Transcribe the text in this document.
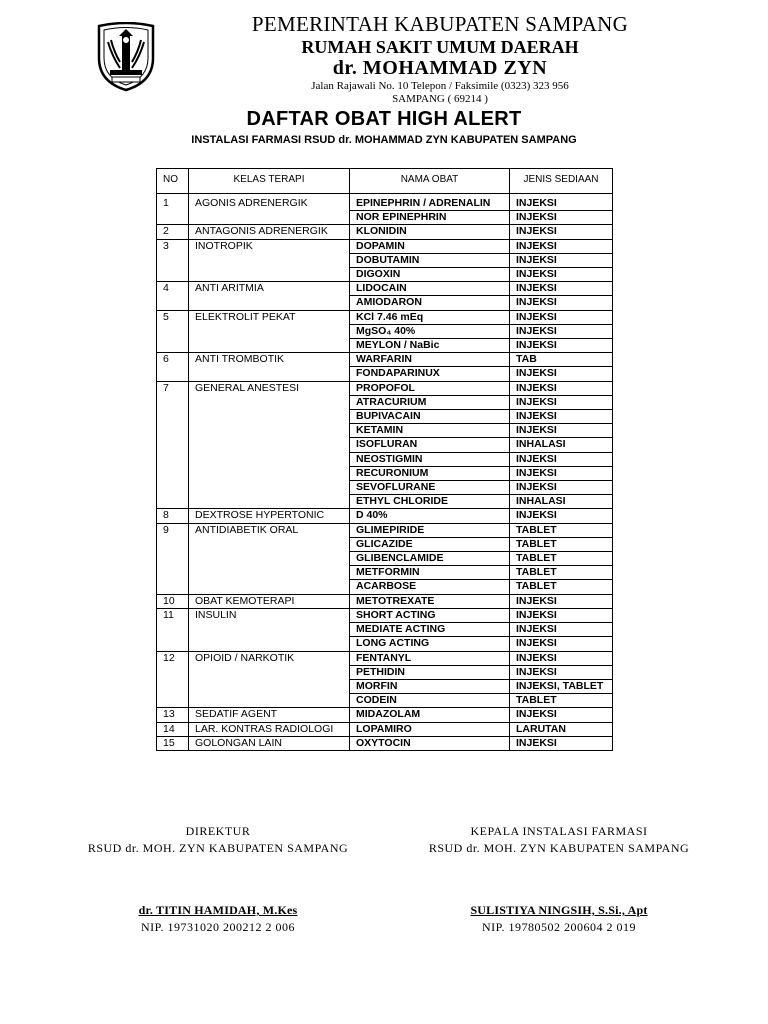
PEMERINTAH KABUPATEN SAMPANG
RUMAH SAKIT UMUM DAERAH
dr. MOHAMMAD ZYN
Jalan Rajawali No. 10 Telepon / Faksimile (0323) 323 956
SAMPANG ( 69214 )
DAFTAR OBAT HIGH ALERT
INSTALASI FARMASI RSUD dr. MOHAMMAD ZYN KABUPATEN SAMPANG
NO	KELAS TERAPI	NAMA OBAT	JENIS SEDIAAN
1	AGONIS ADRENERGIK	EPINEPHRIN / ADRENALIN	INJEKSI
		NOR EPINEPHRIN	INJEKSI
2	ANTAGONIS ADRENERGIK	KLONIDIN	INJEKSI
3	INOTROPIK	DOPAMIN	INJEKSI
		DOBUTAMIN	INJEKSI
		DIGOXIN	INJEKSI
4	ANTI ARITMIA	LIDOCAIN	INJEKSI
		AMIODARON	INJEKSI
5	ELEKTROLIT PEKAT	KCl 7.46 mEq	INJEKSI
		MgSO₄ 40%	INJEKSI
		MEYLON / NaBic	INJEKSI
6	ANTI TROMBOTIK	WARFARIN	TAB
		FONDAPARINUX	INJEKSI
7	GENERAL ANESTESI	PROPOFOL	INJEKSI
		ATRACURIUM	INJEKSI
		BUPIVACAIN	INJEKSI
		KETAMIN	INJEKSI
		ISOFLURAN	INHALASI
		NEOSTIGMIN	INJEKSI
		RECURONIUM	INJEKSI
		SEVOFLURANE	INJEKSI
		ETHYL CHLORIDE	INHALASI
8	DEXTROSE HYPERTONIC	D 40%	INJEKSI
9	ANTIDIABETIK ORAL	GLIMEPIRIDE	TABLET
		GLICAZIDE	TABLET
		GLIBENCLAMIDE	TABLET
		METFORMIN	TABLET
		ACARBOSE	TABLET
10	OBAT KEMOTERAPI	METOTREXATE	INJEKSI
11	INSULIN	SHORT ACTING	INJEKSI
		MEDIATE ACTING	INJEKSI
		LONG ACTING	INJEKSI
12	OPIOID / NARKOTIK	FENTANYL	INJEKSI
		PETHIDIN	INJEKSI
		MORFIN	INJEKSI, TABLET
		CODEIN	TABLET
13	SEDATIF AGENT	MIDAZOLAM	INJEKSI
14	LAR. KONTRAS RADIOLOGI	LOPAMIRO	LARUTAN
15	GOLONGAN LAIN	OXYTOCIN	INJEKSI
DIREKTUR
RSUD dr. MOH. ZYN KABUPATEN SAMPANG
dr. TITIN HAMIDAH, M.Kes
NIP. 19731020 200212 2 006
KEPALA INSTALASI FARMASI
RSUD dr. MOH. ZYN KABUPATEN SAMPANG
SULISTIYA NINGSIH, S.Si., Apt
NIP. 19780502 200604 2 019
